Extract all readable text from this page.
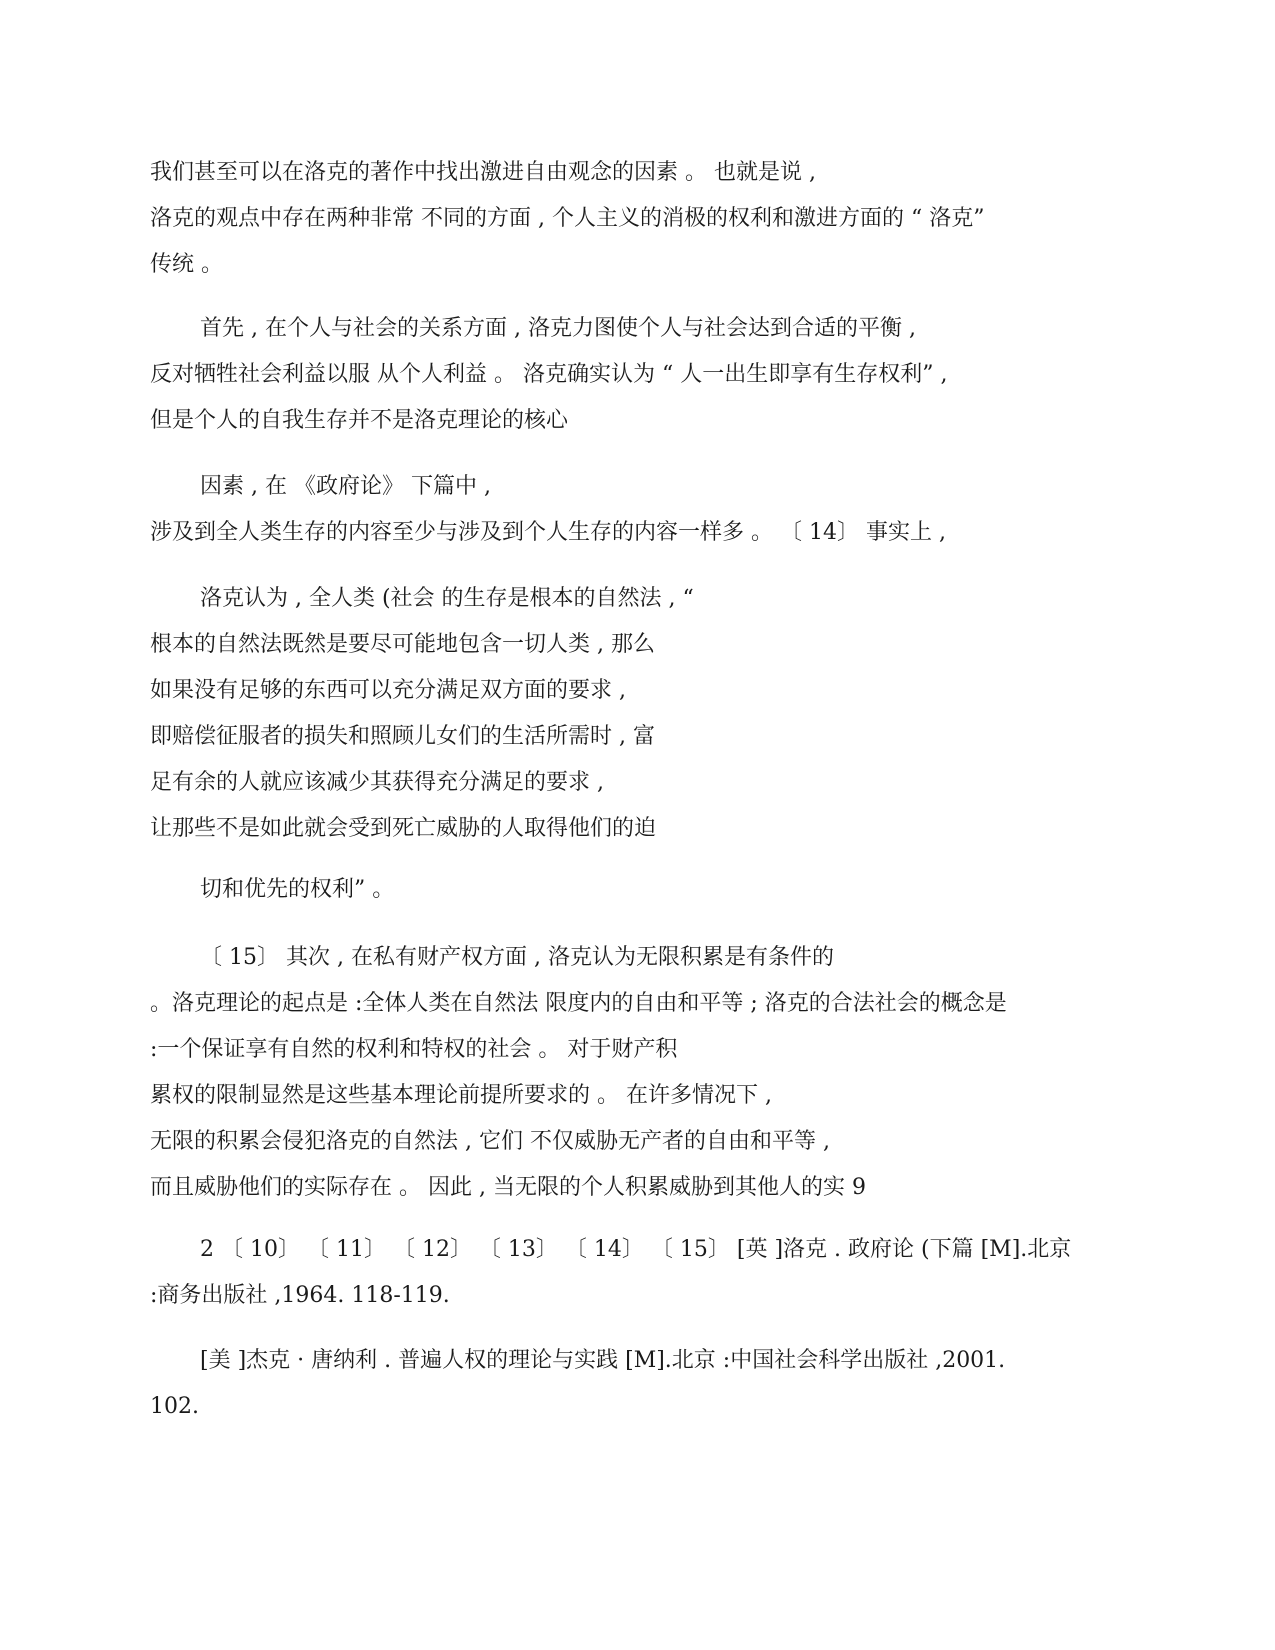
我们甚至可以在洛克的著作中找出激进自由观念的因素 。 也就是说 ,
洛克的观点中存在两种非常 不同的方面 , 个人主义的消极的权利和激进方面的 “ 洛克”
传统 。
首先 , 在个人与社会的关系方面 , 洛克力图使个人与社会达到合适的平衡 ,
反对牺牲社会利益以服 从个人利益 。 洛克确实认为 “ 人一出生即享有生存权利” ,
但是个人的自我生存并不是洛克理论的核心
因素 , 在 《政府论》 下篇中 ,
涉及到全人类生存的内容至少与涉及到个人生存的内容一样多 。 〔 14〕 事实上 ,
洛克认为 , 全人类 (社会 的生存是根本的自然法 , “
根本的自然法既然是要尽可能地包含一切人类 , 那么
如果没有足够的东西可以充分满足双方面的要求 ,
即赔偿征服者的损失和照顾儿女们的生活所需时 , 富
足有余的人就应该减少其获得充分满足的要求 ,
让那些不是如此就会受到死亡威胁的人取得他们的迫
切和优先的权利” 。
〔 15〕 其次 , 在私有财产权方面 , 洛克认为无限积累是有条件的
。洛克理论的起点是 :全体人类在自然法 限度内的自由和平等 ; 洛克的合法社会的概念是
:一个保证享有自然的权利和特权的社会 。 对于财产积
累权的限制显然是这些基本理论前提所要求的 。 在许多情况下 ,
无限的积累会侵犯洛克的自然法 , 它们 不仅威胁无产者的自由和平等 ,
而且威胁他们的实际存在 。 因此 , 当无限的个人积累威胁到其他人的实 9
2 〔 10〕 〔 11〕 〔 12〕 〔 13〕 〔 14〕 〔 15〕 [英 ]洛克 . 政府论 (下篇 [M].北京
:商务出版社 ,1964. 118-119.
[美 ]杰克 · 唐纳利 . 普遍人权的理论与实践 [M].北京 :中国社会科学出版社 ,2001.
102.
